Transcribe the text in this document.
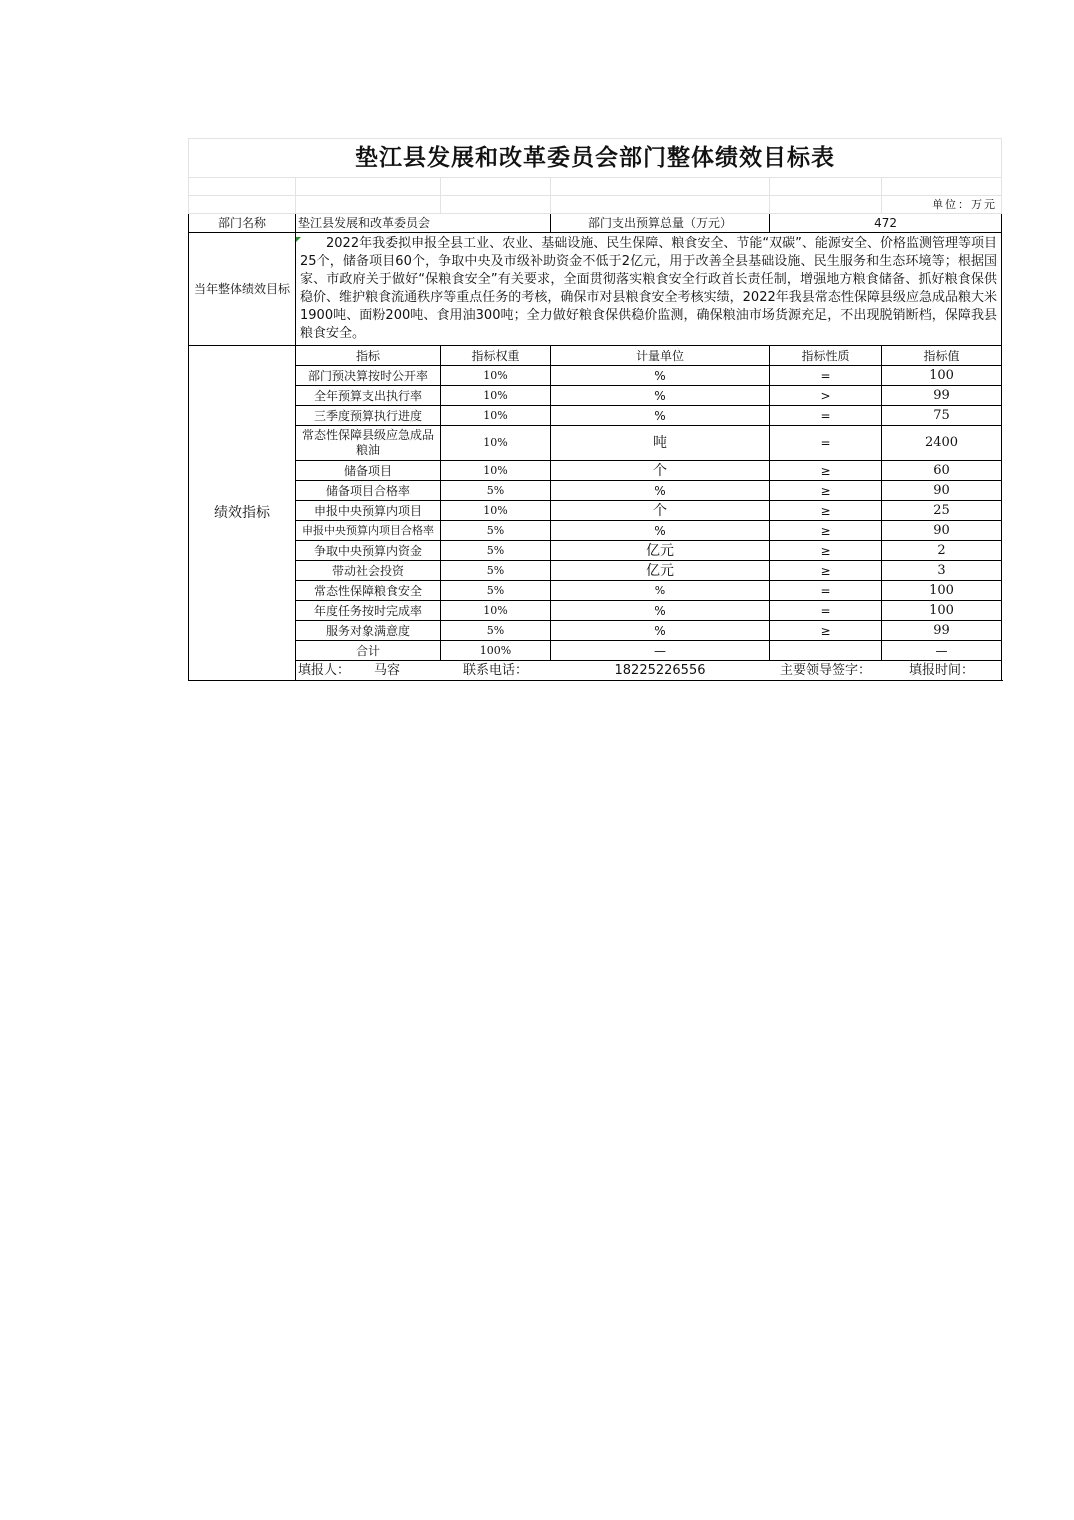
垫江县发展和改革委员会部门整体绩效目标表						

					单位：万元	
部门名称	垫江县发展和改革委员会		部门支出预算总量（万元）	472		
当年整体绩效目标	2022年我委拟申报全县工业、农业、基础设施、民生保障、粮食安全、节能“双碳”、能源安全、价格监测管理等项目25个，储备项目60个，争取中央及市级补助资金不低于2亿元，用于改善全县基础设施、民生服务和生态环境等；根据国家、市政府关于做好“保粮食安全”有关要求，全面贯彻落实粮食安全行政首长责任制，增强地方粮食储备、抓好粮食保供稳价、维护粮食流通秩序等重点任务的考核，确保市对县粮食安全考核实绩，2022年我县常态性保障县级应急成品粮大米1900吨、面粉200吨、食用油300吨；全力做好粮食保供稳价监测，确保粮油市场货源充足，不出现脱销断档，保障我县粮食安全。					
绩效指标	指标	指标权重	计量单位	指标性质	指标值	
	部门预决算按时公开率	10%	%	=	100	
	全年预算支出执行率	10%	%	>	99	
	三季度预算执行进度	10%	%	=	75	
	常态性保障县级应急成品粮油	10%	吨	=	2400	
	储备项目	10%	个	≥	60	
	储备项目合格率	5%	%	≥	90	
	申报中央预算内项目	10%	个	≥	25	
	申报中央预算内项目合格率	5%	%	≥	90	
	争取中央预算内资金	5%	亿元	≥	2	
	带动社会投资	5%	亿元	≥	3	
	常态性保障粮食安全	5%	%	=	100	
	年度任务按时完成率	10%	%	=	100	
	服务对象满意度	5%	%	≥	99	
	合计	100%	—		—	
	填报人： 马容	联系电话：	18225226556	主要领导签字：	填报时间：	
